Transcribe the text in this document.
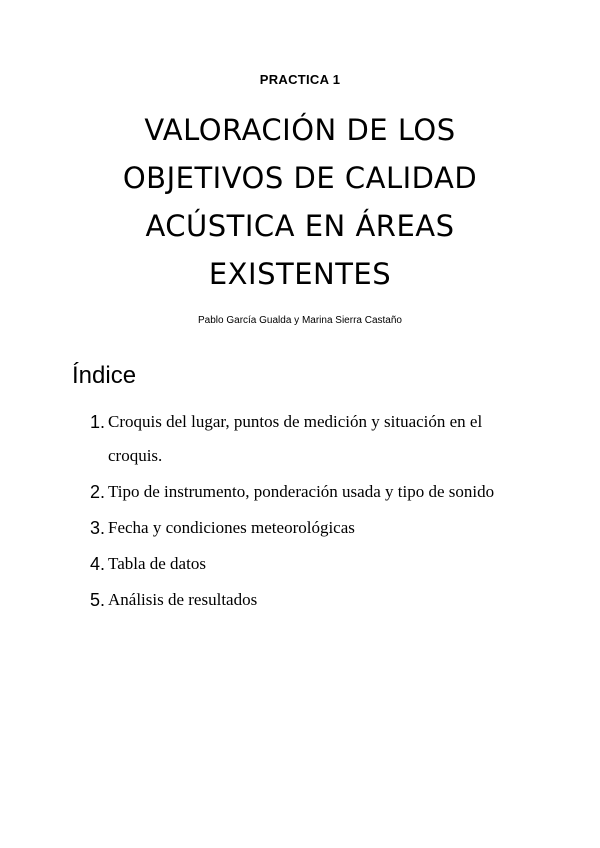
PRACTICA 1
VALORACIÓN DE LOS OBJETIVOS DE CALIDAD ACÚSTICA EN ÁREAS EXISTENTES
Pablo García Gualda y Marina Sierra Castaño
Índice
1. Croquis del lugar, puntos de medición y situación en el croquis.
2. Tipo de instrumento, ponderación usada y tipo de sonido
3. Fecha y condiciones meteorológicas
4. Tabla de datos
5. Análisis de resultados
